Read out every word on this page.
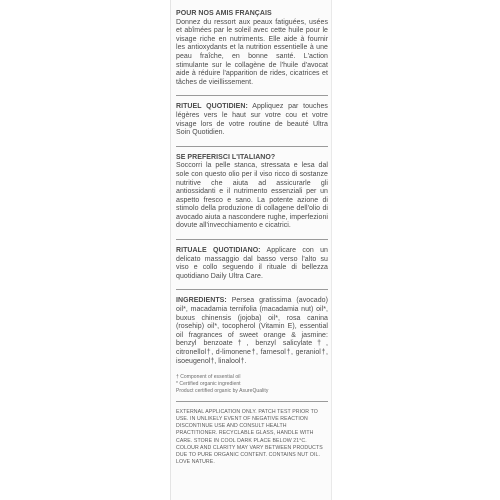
POUR NOS AMIS FRANÇAIS

Donnez du ressort aux peaux fatiguées, usées et abîmées par le soleil avec cette huile pour le visage riche en nutriments. Elle aide à fournir les antioxydants et la nutrition essentielle à une peau fraîche, en bonne santé. L'action stimulante sur le collagène de l'huile d'avocat aide à réduire l'apparition de rides, cicatrices et tâches de vieillissement.

RITUEL QUOTIDIEN: Appliquez par touches légères vers le haut sur votre cou et votre visage lors de votre routine de beauté Ultra Soin Quotidien.

SE PREFERISCI L'ITALIANO?

Soccorri la pelle stanca, stressata e lesa dal sole con questo olio per il viso ricco di sostanze nutritive che aiuta ad assicurarle gli antiossidanti e il nutrimento essenziali per un aspetto fresco e sano. La potente azione di stimolo della produzione di collagene dell'olio di avocado aiuta a nascondere rughe, imperfezioni dovute all'invecchiamento e cicatrici.

RITUALE QUOTIDIANO: Applicare con un delicato massaggio dal basso verso l'alto su viso e collo seguendo il rituale di bellezza quotidiano Daily Ultra Care.

INGREDIENTS: Persea gratissima (avocado) oil*, macadamia ternifolia (macadamia nut) oil*, buxus chinensis (jojoba) oil*, rosa canina (rosehip) oil*, tocopherol (Vitamin E), essential oil fragrances of sweet orange & jasmine: benzyl benzoate†, benzyl salicylate†, citronellol†, d-limonene†, farnesol†, geraniol†, isoeugenol†, linalool†.

† Component of essential oil
* Certified organic ingredient
Product certified organic by AsureQuality
EXTERNAL APPLICATION ONLY. PATCH TEST PRIOR TO USE. IN UNLIKELY EVENT OF NEGATIVE REACTION DISCONTINUE USE AND CONSULT HEALTH PRACTITIONER. RECYCLABLE GLASS, HANDLE WITH CARE. STORE IN COOL DARK PLACE BELOW 21°C. COLOUR AND CLARITY MAY VARY BETWEEN PRODUCTS DUE TO PURE ORGANIC CONTENT. CONTAINS NUT OIL. LOVE NATURE.
